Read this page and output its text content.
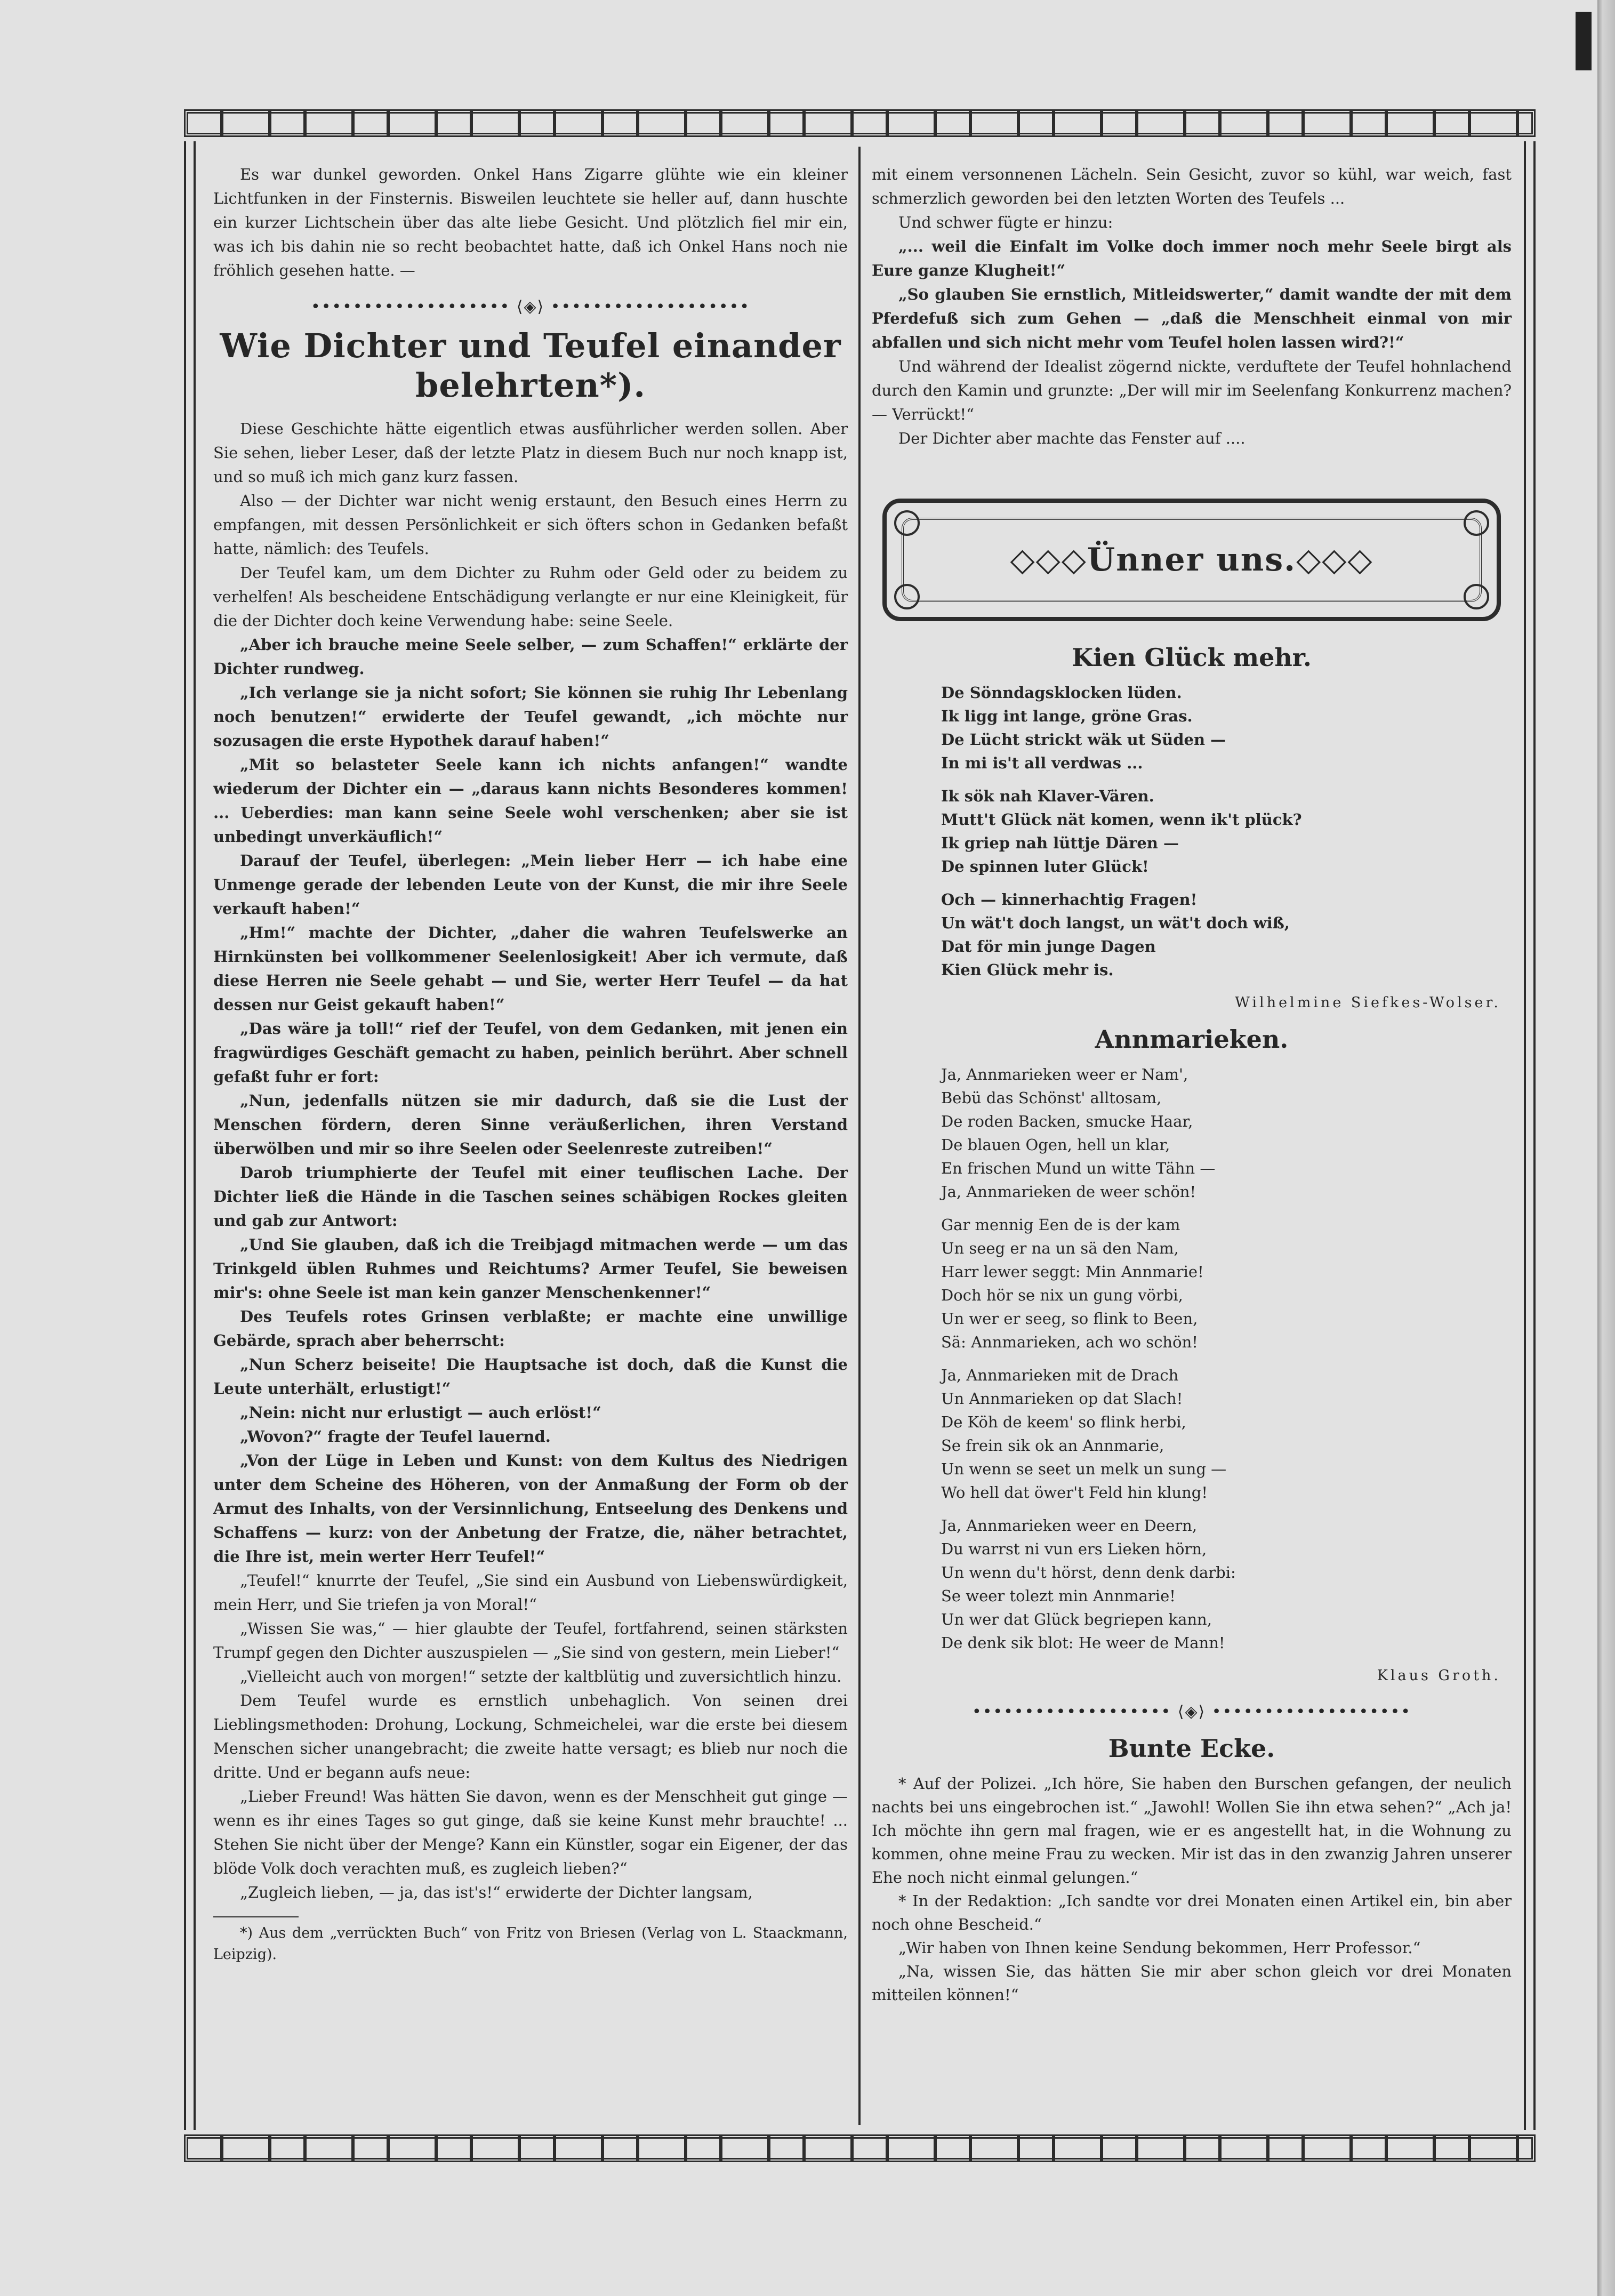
Es war dunkel geworden. Onkel Hans Zigarre glühte wie ein kleiner Lichtfunken in der Finsternis. Bisweilen leuchtete sie heller auf, dann huschte ein kurzer Lichtschein über das alte liebe Gesicht. Und plötzlich fiel mir ein, was ich bis dahin nie so recht beobachtet hatte, daß ich Onkel Hans noch nie fröhlich gesehen hatte. —

••••••••••••••••••• ⟨◈⟩ •••••••••••••••••••
Wie Dichter und Teufel einander belehrten*).

Diese Geschichte hätte eigentlich etwas ausführlicher werden sollen. Aber Sie sehen, lieber Leser, daß der letzte Platz in diesem Buch nur noch knapp ist, und so muß ich mich ganz kurz fassen.

Also — der Dichter war nicht wenig erstaunt, den Besuch eines Herrn zu empfangen, mit dessen Persönlichkeit er sich öfters schon in Gedanken befaßt hatte, nämlich: des Teufels.

Der Teufel kam, um dem Dichter zu Ruhm oder Geld oder zu beidem zu verhelfen! Als bescheidene Entschädigung verlangte er nur eine Kleinigkeit, für die der Dichter doch keine Verwendung habe: seine Seele.

„Aber ich brauche meine Seele selber, — zum Schaffen!“ erklärte der Dichter rundweg.

„Ich verlange sie ja nicht sofort; Sie können sie ruhig Ihr Lebenlang noch benutzen!“ erwiderte der Teufel gewandt, „ich möchte nur sozusagen die erste Hypothek darauf haben!“

„Mit so belasteter Seele kann ich nichts anfangen!“ wandte wiederum der Dichter ein — „daraus kann nichts Besonderes kommen! ... Ueberdies: man kann seine Seele wohl verschenken; aber sie ist unbedingt unverkäuflich!“

Darauf der Teufel, überlegen: „Mein lieber Herr — ich habe eine Unmenge gerade der lebenden Leute von der Kunst, die mir ihre Seele verkauft haben!“

„Hm!“ machte der Dichter, „daher die wahren Teufelswerke an Hirnkünsten bei vollkommener Seelenlosigkeit! Aber ich vermute, daß diese Herren nie Seele gehabt — und Sie, werter Herr Teufel — da hat dessen nur Geist gekauft haben!“

„Das wäre ja toll!“ rief der Teufel, von dem Gedanken, mit jenen ein fragwürdiges Geschäft gemacht zu haben, peinlich berührt. Aber schnell gefaßt fuhr er fort:

„Nun, jedenfalls nützen sie mir dadurch, daß sie die Lust der Menschen fördern, deren Sinne veräußerlichen, ihren Verstand überwölben und mir so ihre Seelen oder Seelenreste zutreiben!“

Darob triumphierte der Teufel mit einer teuflischen Lache. Der Dichter ließ die Hände in die Taschen seines schäbigen Rockes gleiten und gab zur Antwort:

„Und Sie glauben, daß ich die Treibjagd mitmachen werde — um das Trinkgeld üblen Ruhmes und Reichtums? Armer Teufel, Sie beweisen mir's: ohne Seele ist man kein ganzer Menschenkenner!“

Des Teufels rotes Grinsen verblaßte; er machte eine unwillige Gebärde, sprach aber beherrscht:

„Nun Scherz beiseite! Die Hauptsache ist doch, daß die Kunst die Leute unterhält, erlustigt!“

„Nein: nicht nur erlustigt — auch erlöst!“

„Wovon?“ fragte der Teufel lauernd.

„Von der Lüge in Leben und Kunst: von dem Kultus des Niedrigen unter dem Scheine des Höheren, von der Anmaßung der Form ob der Armut des Inhalts, von der Versinnlichung, Entseelung des Denkens und Schaffens — kurz: von der Anbetung der Fratze, die, näher betrachtet, die Ihre ist, mein werter Herr Teufel!“

„Teufel!“ knurrte der Teufel, „Sie sind ein Ausbund von Liebenswürdigkeit, mein Herr, und Sie triefen ja von Moral!“

„Wissen Sie was,“ — hier glaubte der Teufel, fortfahrend, seinen stärksten Trumpf gegen den Dichter auszuspielen — „Sie sind von gestern, mein Lieber!“

„Vielleicht auch von morgen!“ setzte der kaltblütig und zuversichtlich hinzu.

Dem Teufel wurde es ernstlich unbehaglich. Von seinen drei Lieblingsmethoden: Drohung, Lockung, Schmeichelei, war die erste bei diesem Menschen sicher unangebracht; die zweite hatte versagt; es blieb nur noch die dritte. Und er begann aufs neue:

„Lieber Freund! Was hätten Sie davon, wenn es der Menschheit gut ginge — wenn es ihr eines Tages so gut ginge, daß sie keine Kunst mehr brauchte! ... Stehen Sie nicht über der Menge? Kann ein Künstler, sogar ein Eigener, der das blöde Volk doch verachten muß, es zugleich lieben?“

„Zugleich lieben, — ja, das ist's!“ erwiderte der Dichter langsam,

*) Aus dem „verrückten Buch“ von Fritz von Briesen (Verlag von L. Staackmann, Leipzig).

mit einem versonnenen Lächeln. Sein Gesicht, zuvor so kühl, war weich, fast schmerzlich geworden bei den letzten Worten des Teufels ...

Und schwer fügte er hinzu:

„... weil die Einfalt im Volke doch immer noch mehr Seele birgt als Eure ganze Klugheit!“

„So glauben Sie ernstlich, Mitleidswerter,“ damit wandte der mit dem Pferdefuß sich zum Gehen — „daß die Menschheit einmal von mir abfallen und sich nicht mehr vom Teufel holen lassen wird?!“

Und während der Idealist zögernd nickte, verduftete der Teufel hohnlachend durch den Kamin und grunzte: „Der will mir im Seelenfang Konkurrenz machen? — Verrückt!“

Der Dichter aber machte das Fenster auf ....

◇◇◇Ünner uns.◇◇◇
Kien Glück mehr.

De Sönndagsklocken lüden.

Ik ligg int lange, gröne Gras.

De Lücht strickt wäk ut Süden —

In mi is't all verdwas ...

Ik sök nah Klaver-Vären.

Mutt't Glück nät komen, wenn ik't plück?

Ik griep nah lüttje Dären —

De spinnen luter Glück!

Och — kinnerhachtig Fragen!

Un wät't doch langst, un wät't doch wiß,

Dat för min junge Dagen

Kien Glück mehr is.

Wilhelmine Siefkes-Wolser.
Annmarieken.

Ja, Annmarieken weer er Nam',

Bebü das Schönst' alltosam,

De roden Backen, smucke Haar,

De blauen Ogen, hell un klar,

En frischen Mund un witte Tähn —

Ja, Annmarieken de weer schön!

Gar mennig Een de is der kam

Un seeg er na un sä den Nam,

Harr lewer seggt: Min Annmarie!

Doch hör se nix un gung vörbi,

Un wer er seeg, so flink to Been,

Sä: Annmarieken, ach wo schön!

Ja, Annmarieken mit de Drach

Un Annmarieken op dat Slach!

De Köh de keem' so flink herbi,

Se frein sik ok an Annmarie,

Un wenn se seet un melk un sung —

Wo hell dat öwer't Feld hin klung!

Ja, Annmarieken weer en Deern,

Du warrst ni vun ers Lieken hörn,

Un wenn du't hörst, denn denk darbi:

Se weer tolezt min Annmarie!

Un wer dat Glück begriepen kann,

De denk sik blot: He weer de Mann!

Klaus Groth.
••••••••••••••••••• ⟨◈⟩ •••••••••••••••••••
Bunte Ecke.

* Auf der Polizei. „Ich höre, Sie haben den Burschen gefangen, der neulich nachts bei uns eingebrochen ist.“ „Jawohl! Wollen Sie ihn etwa sehen?“ „Ach ja! Ich möchte ihn gern mal fragen, wie er es angestellt hat, in die Wohnung zu kommen, ohne meine Frau zu wecken. Mir ist das in den zwanzig Jahren unserer Ehe noch nicht einmal gelungen.“

* In der Redaktion: „Ich sandte vor drei Monaten einen Artikel ein, bin aber noch ohne Bescheid.“

„Wir haben von Ihnen keine Sendung bekommen, Herr Professor.“

„Na, wissen Sie, das hätten Sie mir aber schon gleich vor drei Monaten mitteilen können!“
